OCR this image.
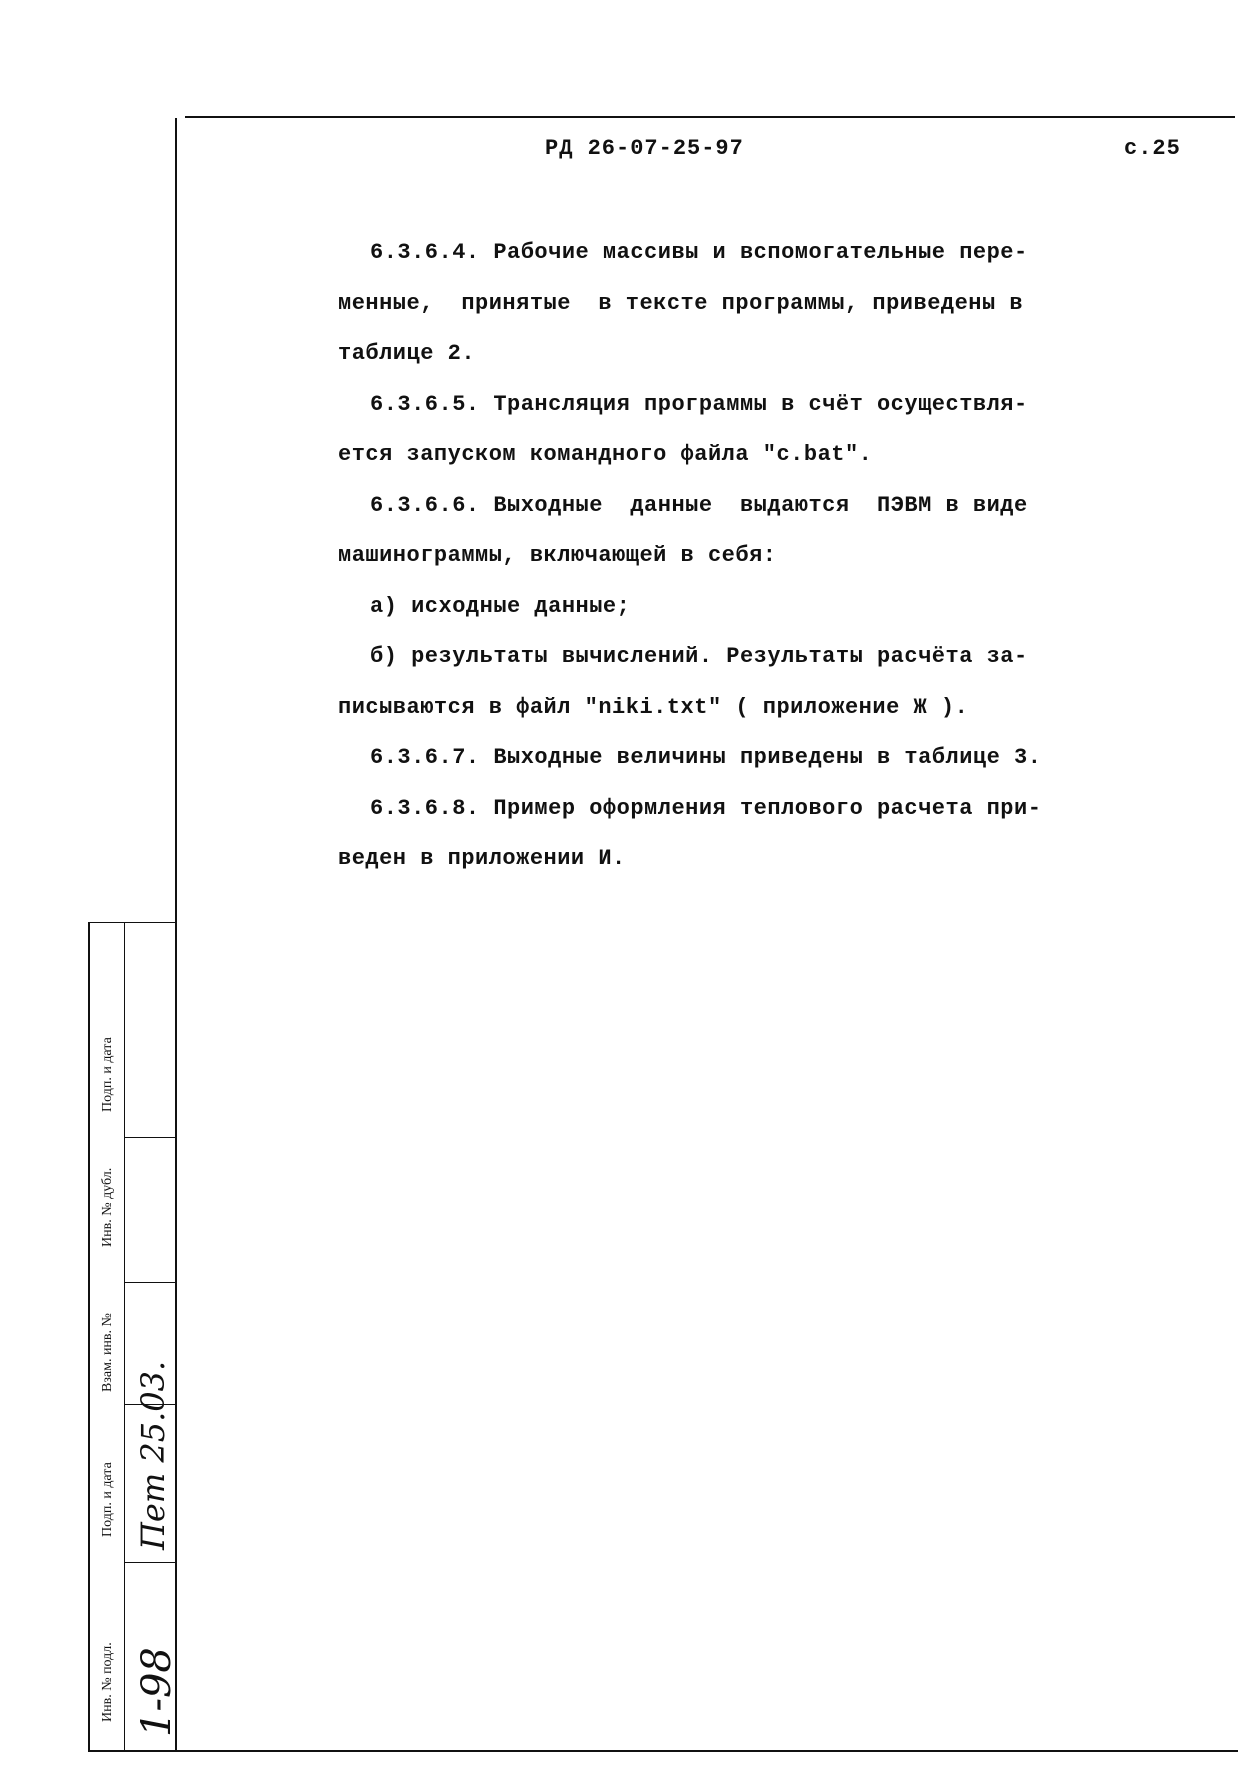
РД 26-07-25-97	с.25
6.3.6.4. Рабочие массивы и вспомогательные пере-
менные,  принятые  в тексте программы, приведены в
таблице 2.
6.3.6.5. Трансляция программы в счёт осуществля-
ется запуском командного файла "c.bat".
6.3.6.6. Выходные  данные  выдаются  ПЭВМ в виде
машинограммы, включающей в себя:
а) исходные данные;
б) результаты вычислений. Результаты расчёта за-
писываются в файл "niki.txt" ( приложение Ж ).
6.3.6.7. Выходные величины приведены в таблице 3.
6.3.6.8. Пример оформления теплового расчета при-
веден в приложении И.
Подп. и дата
Инв. № дубл.
Взам. инв. №
Подп. и дата
Инв. № подл. 1-98
Пет 25.03.
